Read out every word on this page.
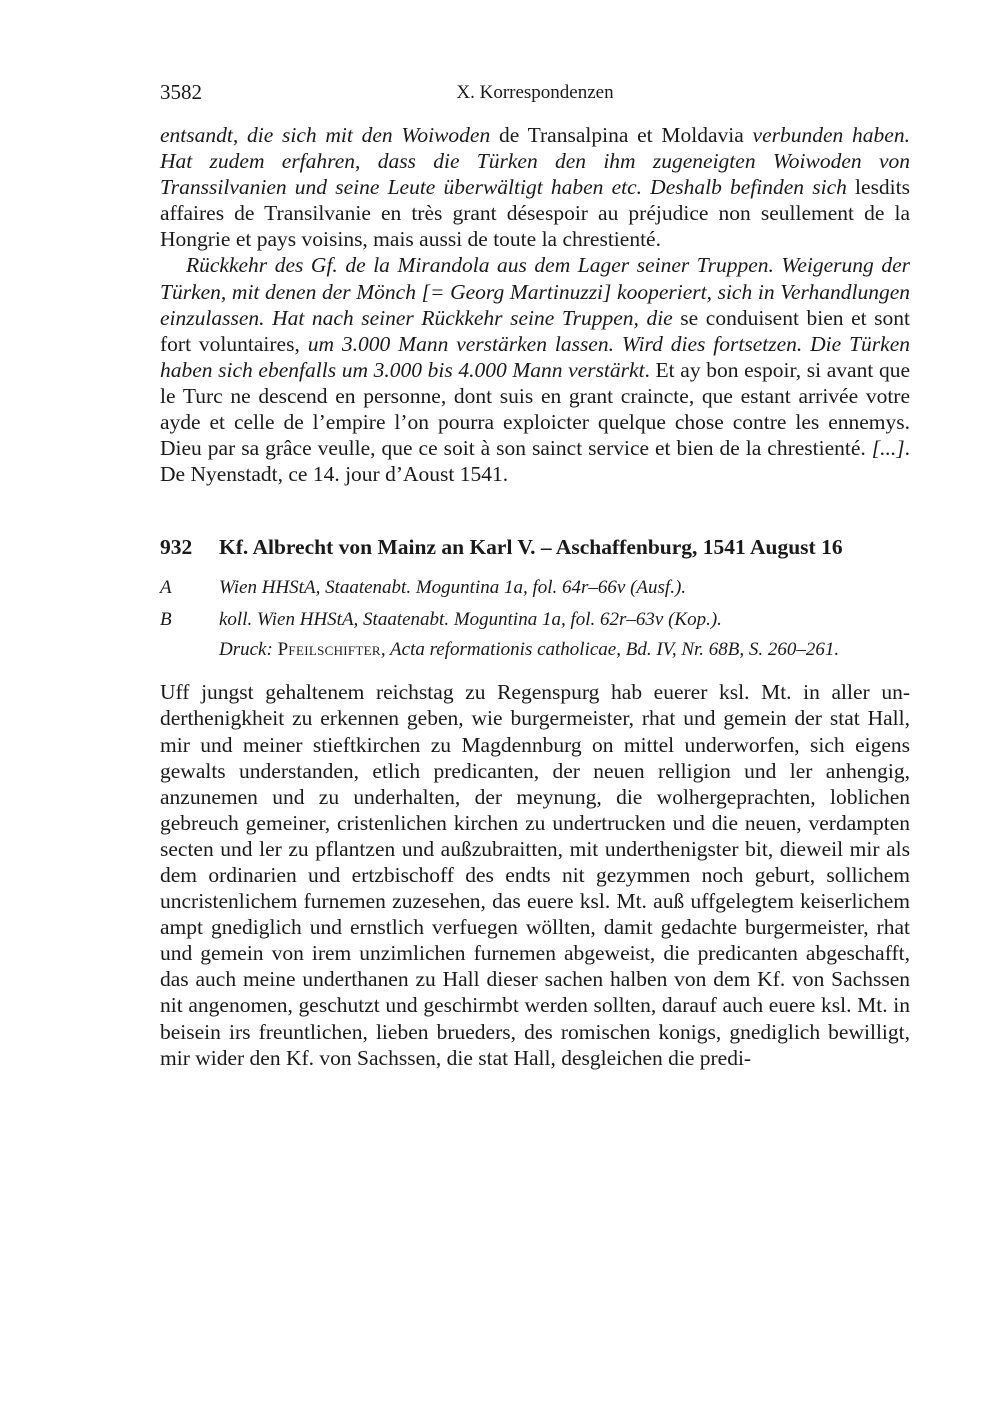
3582	X. Korrespondenzen

entsandt, die sich mit den Woiwoden de Transalpina et Moldavia verbunden haben. Hat zudem erfahren, dass die Türken den ihm zugeneigten Woiwoden von Transsilvanien und seine Leute überwältigt haben etc. Deshalb befinden sich lesdits affaires de Transilvanie en très grant désespoir au préjudice non seullement de la Hongrie et pays voisins, mais aussi de toute la chrestienté.

Rückkehr des Gf. de la Mirandola aus dem Lager seiner Truppen. Weigerung der Türken, mit denen der Mönch [= Georg Martinuzzi] kooperiert, sich in Verhandlungen einzulassen. Hat nach seiner Rückkehr seine Truppen, die se conduisent bien et sont fort voluntaires, um 3.000 Mann verstärken lassen. Wird dies fortsetzen. Die Türken haben sich ebenfalls um 3.000 bis 4.000 Mann verstärkt. Et ay bon espoir, si avant que le Turc ne descend en personne, dont suis en grant craincte, que estant arrivée votre ayde et celle de l’empire l’on pourra exploicter quelque chose contre les ennemys. Dieu par sa grâce veulle, que ce soit à son sainct service et bien de la chrestienté. [...]. De Nyenstadt, ce 14. jour d’Aoust 1541.

932	Kf. Albrecht von Mainz an Karl V. – Aschaffenburg, 1541 August 16
A	Wien HHStA, Staatenabt. Moguntina 1a, fol. 64r–66v (Ausf.).
B	koll. Wien HHStA, Staatenabt. Moguntina 1a, fol. 62r–63v (Kop.).
Druck: Pfeilschifter, Acta reformationis catholicae, Bd. IV, Nr. 68B, S. 260–261.

Uff jungst gehaltenem reichstag zu Regenspurg hab euerer ksl. Mt. in aller underthenigkheit zu erkennen geben, wie burgermeister, rhat und gemein der stat Hall, mir und meiner stieftkirchen zu Magdennburg on mittel underworfen, sich eigens gewalts understanden, etlich predicanten, der neuen relligion und ler anhengig, anzunemen und zu underhalten, der meynung, die wolhergeprachten, loblichen gebreuch gemeiner, cristenlichen kirchen zu undertrucken und die neuen, verdampten secten und ler zu pflantzen und außzubraitten, mit underthenigster bit, dieweil mir als dem ordinarien und ertzbischoff des endts nit gezymmen noch geburt, sollichem uncristenlichem furnemen zuzesehen, das euere ksl. Mt. auß uffgelegtem keiserlichem ampt gnediglich und ernstlich verfuegen wöllten, damit gedachte burgermeister, rhat und gemein von irem unzimlichen furnemen abgeweist, die predicanten abgeschafft, das auch meine underthanen zu Hall dieser sachen halben von dem Kf. von Sachssen nit angenomen, geschutzt und geschirmbt werden sollten, darauf auch euere ksl. Mt. in beisein irs freuntlichen, lieben brueders, des romischen konigs, gnediglich bewilligt, mir wider den Kf. von Sachssen, die stat Hall, desgleichen die predi-
